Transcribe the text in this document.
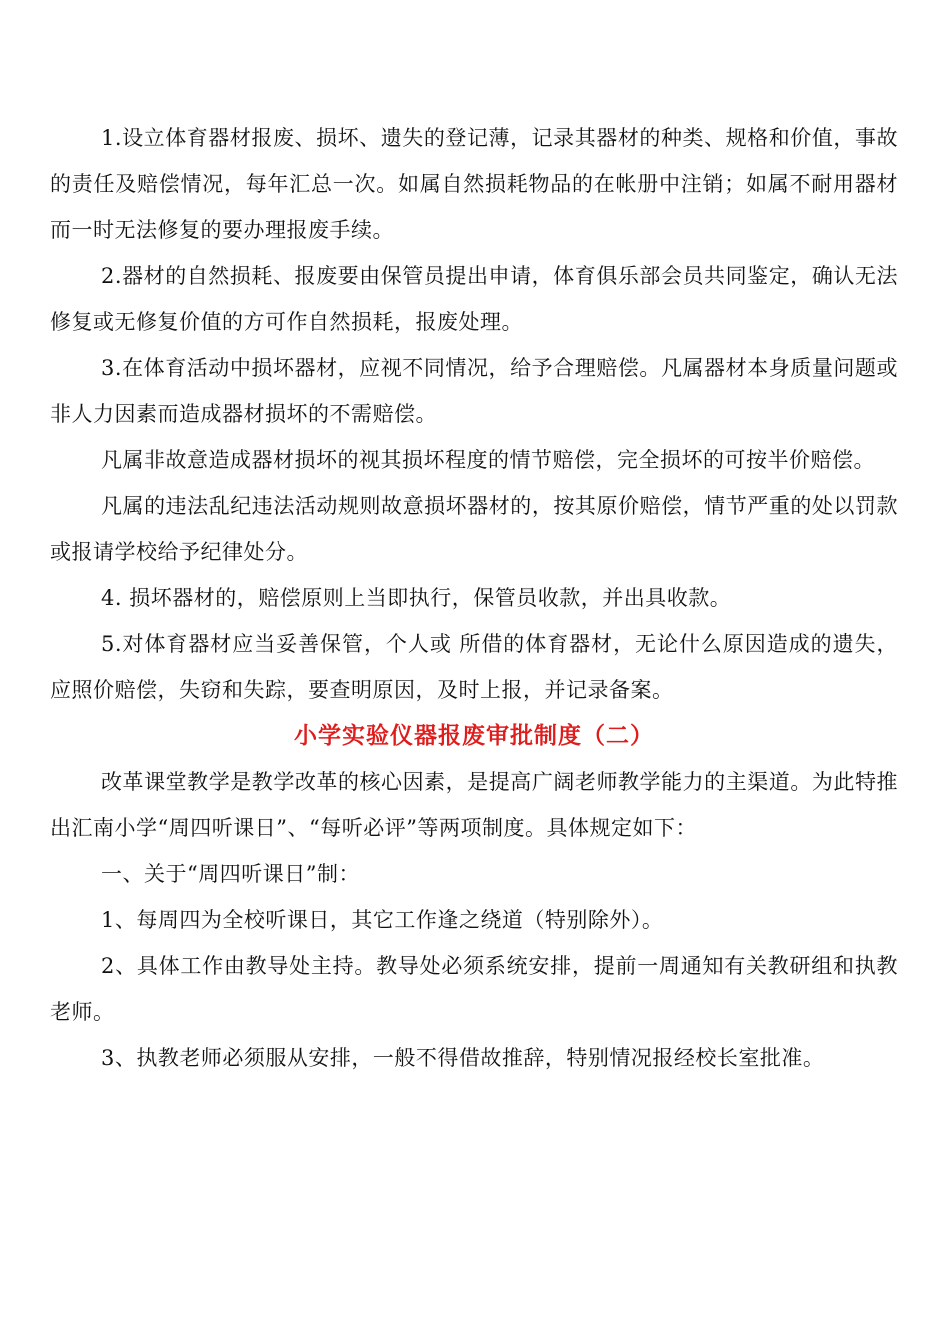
1.设立体育器材报废、损坏、遗失的登记薄，记录其器材的种类、规格和价值，事故的责任及赔偿情况，每年汇总一次。如属自然损耗物品的在帐册中注销；如属不耐用器材而一时无法修复的要办理报废手续。

2.器材的自然损耗、报废要由保管员提出申请，体育俱乐部会员共同鉴定，确认无法修复或无修复价值的方可作自然损耗，报废处理。

3.在体育活动中损坏器材，应视不同情况，给予合理赔偿。凡属器材本身质量问题或非人力因素而造成器材损坏的不需赔偿。

凡属非故意造成器材损坏的视其损坏程度的情节赔偿，完全损坏的可按半价赔偿。

凡属的违法乱纪违法活动规则故意损坏器材的，按其原价赔偿，情节严重的处以罚款或报请学校给予纪律处分。

4. 损坏器材的，赔偿原则上当即执行，保管员收款，并出具收款。

5.对体育器材应当妥善保管，个人或 所借的体育器材，无论什么原因造成的遗失，应照价赔偿，失窃和失踪，要查明原因，及时上报，并记录备案。

小学实验仪器报废审批制度（二）

改革课堂教学是教学改革的核心因素，是提高广阔老师教学能力的主渠道。为此特推出汇南小学“周四听课日”、“每听必评”等两项制度。具体规定如下：

一、关于“周四听课日”制：

1、每周四为全校听课日，其它工作逢之绕道（特别除外）。

2、具体工作由教导处主持。教导处必须系统安排，提前一周通知有关教研组和执教老师。

3、执教老师必须服从安排，一般不得借故推辞，特别情况报经校长室批准。
